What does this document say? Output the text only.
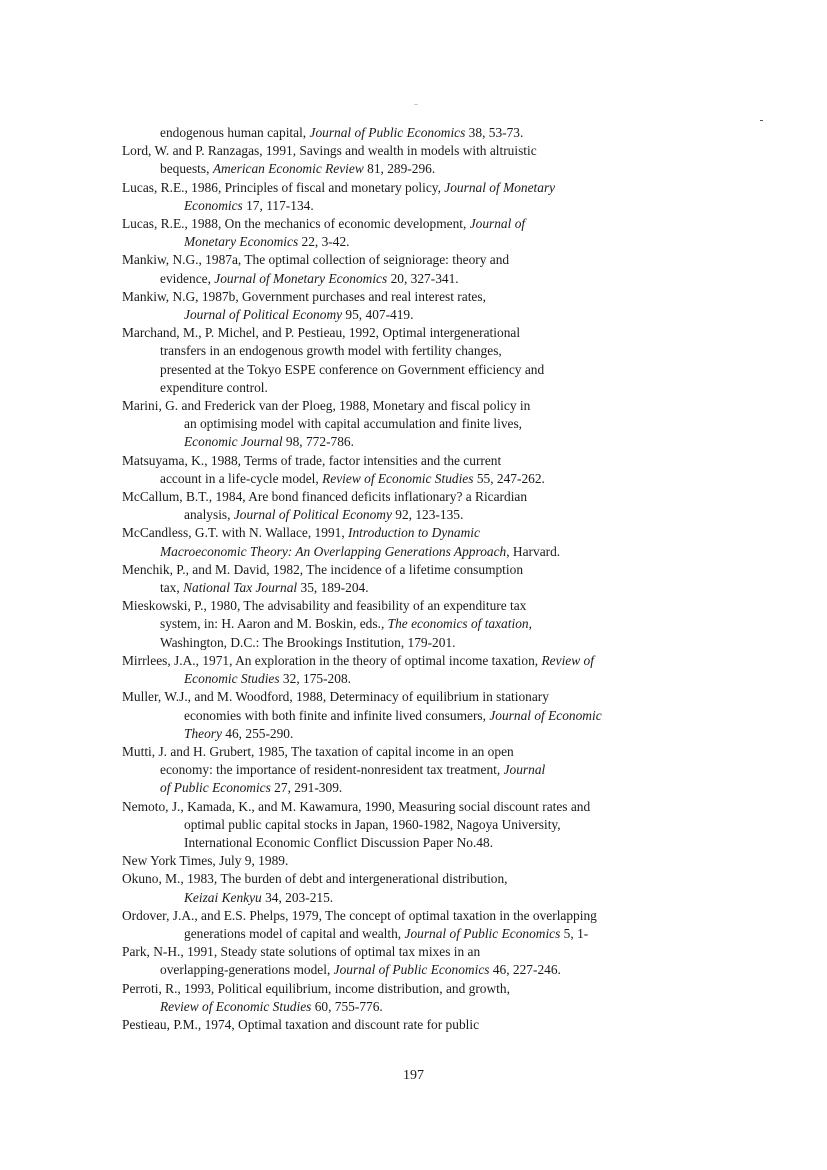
..
endogenous human capital, Journal of Public Economics 38, 53-73.
Lord, W. and P. Ranzagas, 1991, Savings and wealth in models with altruistic
bequests, American Economic Review 81, 289-296.
Lucas, R.E., 1986, Principles of fiscal and monetary policy, Journal of Monetary
Economics 17, 117-134.
Lucas, R.E., 1988, On the mechanics of economic development, Journal of
Monetary Economics 22, 3-42.
Mankiw, N.G., 1987a, The optimal collection of seigniorage: theory and
evidence, Journal of Monetary Economics 20, 327-341.
Mankiw, N.G, 1987b, Government purchases and real interest rates,
Journal of Political Economy 95, 407-419.
Marchand, M., P. Michel, and P. Pestieau, 1992, Optimal intergenerational
transfers in an endogenous growth model with fertility changes,
presented at the Tokyo ESPE conference on Government efficiency and
expenditure control.
Marini, G. and Frederick van der Ploeg, 1988, Monetary and fiscal policy in
an optimising model with capital accumulation and finite lives,
Economic Journal 98, 772-786.
Matsuyama, K., 1988, Terms of trade, factor intensities and the current
account in a life-cycle model, Review of Economic Studies 55, 247-262.
McCallum, B.T., 1984, Are bond financed deficits inflationary? a Ricardian
analysis, Journal of Political Economy 92, 123-135.
McCandless, G.T. with N. Wallace, 1991, Introduction to Dynamic
Macroeconomic Theory: An Overlapping Generations Approach, Harvard.
Menchik, P., and M. David, 1982, The incidence of a lifetime consumption
tax, National Tax Journal 35, 189-204.
Mieskowski, P., 1980, The advisability and feasibility of an expenditure tax
system, in: H. Aaron and M. Boskin, eds., The economics of taxation,
Washington, D.C.: The Brookings Institution, 179-201.
Mirrlees, J.A., 1971, An exploration in the theory of optimal income taxation, Review of
Economic Studies 32, 175-208.
Muller, W.J., and M. Woodford, 1988, Determinacy of equilibrium in stationary
economies with both finite and infinite lived consumers, Journal of Economic
Theory 46, 255-290.
Mutti, J. and H. Grubert, 1985, The taxation of capital income in an open
economy: the importance of resident-nonresident tax treatment, Journal
of Public Economics 27, 291-309.
Nemoto, J., Kamada, K., and M. Kawamura, 1990, Measuring social discount rates and
optimal public capital stocks in Japan, 1960-1982, Nagoya University,
International Economic Conflict Discussion Paper No.48.
New York Times, July 9, 1989.
Okuno, M., 1983, The burden of debt and intergenerational distribution,
Keizai Kenkyu 34, 203-215.
Ordover, J.A., and E.S. Phelps, 1979, The concept of optimal taxation in the overlapping
generations model of capital and wealth, Journal of Public Economics 5, 1-
Park, N-H., 1991, Steady state solutions of optimal tax mixes in an
overlapping-generations model, Journal of Public Economics 46, 227-246.
Perroti, R., 1993, Political equilibrium, income distribution, and growth,
Review of Economic Studies 60, 755-776.
Pestieau, P.M., 1974, Optimal taxation and discount rate for public
197
